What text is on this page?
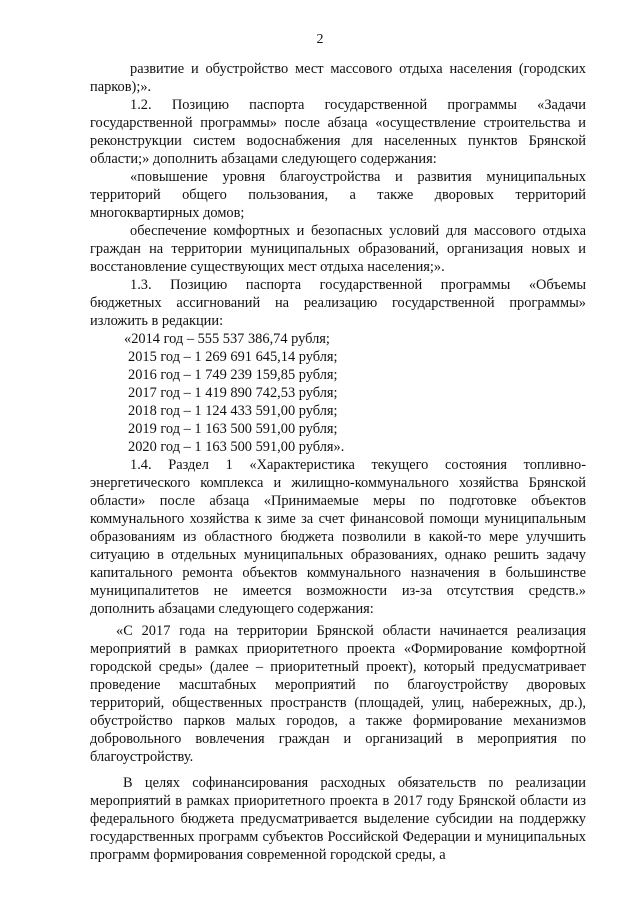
2

развитие и обустройство мест массового отдыха населения (городских парков);».

1.2. Позицию паспорта государственной программы «Задачи государственной программы» после абзаца «осуществление строительства и реконструкции систем водоснабжения для населенных пунктов Брянской области;» дополнить абзацами следующего содержания:

«повышение уровня благоустройства и развития муниципальных территорий общего пользования, а также дворовых территорий многоквартирных домов;

обеспечение комфортных и безопасных условий для массового отдыха граждан на территории муниципальных образований, организация новых и восстановление существующих мест отдыха населения;».

1.3. Позицию паспорта государственной программы «Объемы бюджетных ассигнований на реализацию государственной программы» изложить в редакции:

«2014 год – 555 537 386,74 рубля;

2015 год – 1 269 691 645,14 рубля;

2016 год – 1 749 239 159,85 рубля;

2017 год – 1 419 890 742,53 рубля;

2018 год – 1 124 433 591,00 рубля;

2019 год – 1 163 500 591,00 рубля;

2020 год – 1 163 500 591,00 рубля».

1.4. Раздел 1 «Характеристика текущего состояния топливно-энергетического комплекса и жилищно-коммунального хозяйства Брянской области» после абзаца «Принимаемые меры по подготовке объектов коммунального хозяйства к зиме за счет финансовой помощи муниципальным образованиям из областного бюджета позволили в какой-то мере улучшить ситуацию в отдельных муниципальных образованиях, однако решить задачу капитального ремонта объектов коммунального назначения в большинстве муниципалитетов не имеется возможности из-за отсутствия средств.» дополнить абзацами следующего содержания:

«С 2017 года на территории Брянской области начинается реализация мероприятий в рамках приоритетного проекта «Формирование комфортной городской среды» (далее – приоритетный проект), который предусматривает проведение масштабных мероприятий по благоустройству дворовых территорий, общественных пространств (площадей, улиц, набережных, др.), обустройство парков малых городов, а также формирование механизмов добровольного вовлечения граждан и организаций в мероприятия по благоустройству.

В целях софинансирования расходных обязательств по реализации мероприятий в рамках приоритетного проекта в 2017 году Брянской области из федерального бюджета предусматривается выделение субсидии на поддержку государственных программ субъектов Российской Федерации и муниципальных программ формирования современной городской среды, а
